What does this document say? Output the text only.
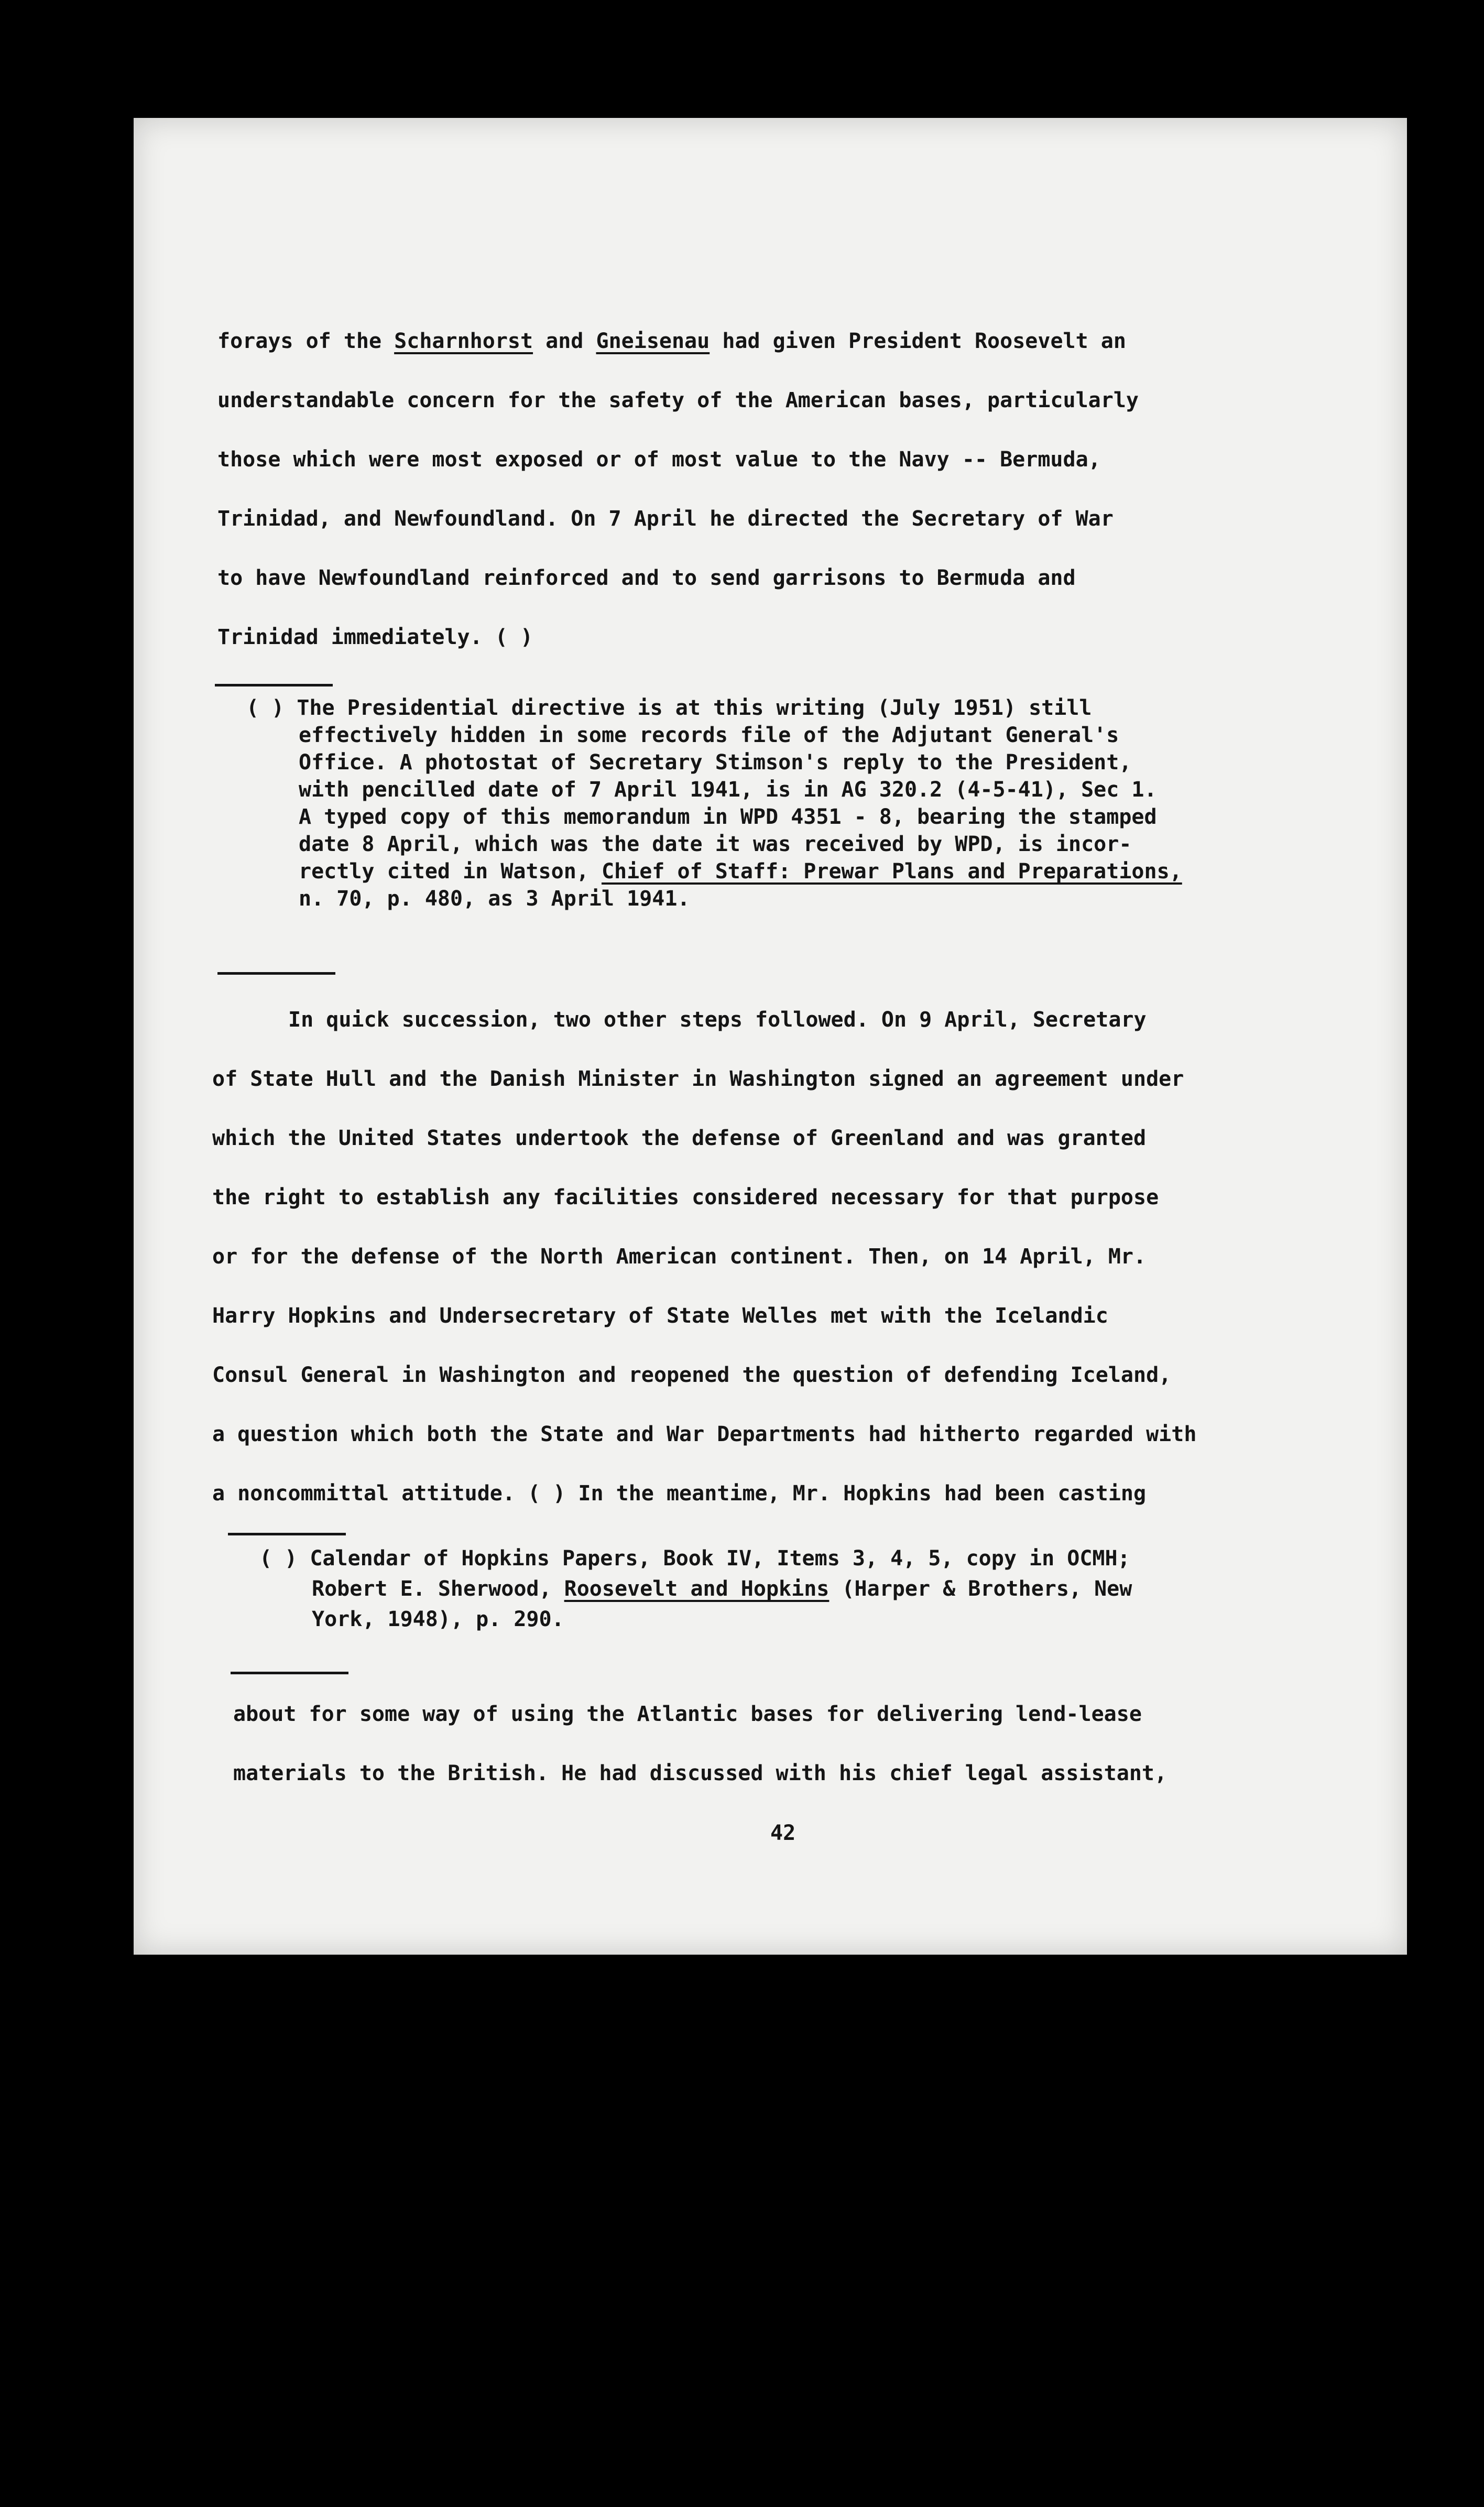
forays of the Scharnhorst and Gneisenau had given President Roosevelt an
understandable concern for the safety of the American bases, particularly
those which were most exposed or of most value to the Navy -- Bermuda,
Trinidad, and Newfoundland. On 7 April he directed the Secretary of War
to have Newfoundland reinforced and to send garrisons to Bermuda and
Trinidad immediately. ( )
( ) The Presidential directive is at this writing (July 1951) still
effectively hidden in some records file of the Adjutant General's
Office. A photostat of Secretary Stimson's reply to the President,
with pencilled date of 7 April 1941, is in AG 320.2 (4-5-41), Sec 1.
A typed copy of this memorandum in WPD 4351 - 8, bearing the stamped
date 8 April, which was the date it was received by WPD, is incor-
rectly cited in Watson, Chief of Staff: Prewar Plans and Preparations,
n. 70, p. 480, as 3 April 1941.
In quick succession, two other steps followed. On 9 April, Secretary
of State Hull and the Danish Minister in Washington signed an agreement under
which the United States undertook the defense of Greenland and was granted
the right to establish any facilities considered necessary for that purpose
or for the defense of the North American continent. Then, on 14 April, Mr.
Harry Hopkins and Undersecretary of State Welles met with the Icelandic
Consul General in Washington and reopened the question of defending Iceland,
a question which both the State and War Departments had hitherto regarded with
a noncommittal attitude. ( ) In the meantime, Mr. Hopkins had been casting
( ) Calendar of Hopkins Papers, Book IV, Items 3, 4, 5, copy in OCMH;
Robert E. Sherwood, Roosevelt and Hopkins (Harper & Brothers, New
York, 1948), p. 290.
about for some way of using the Atlantic bases for delivering lend-lease
materials to the British. He had discussed with his chief legal assistant,
42
